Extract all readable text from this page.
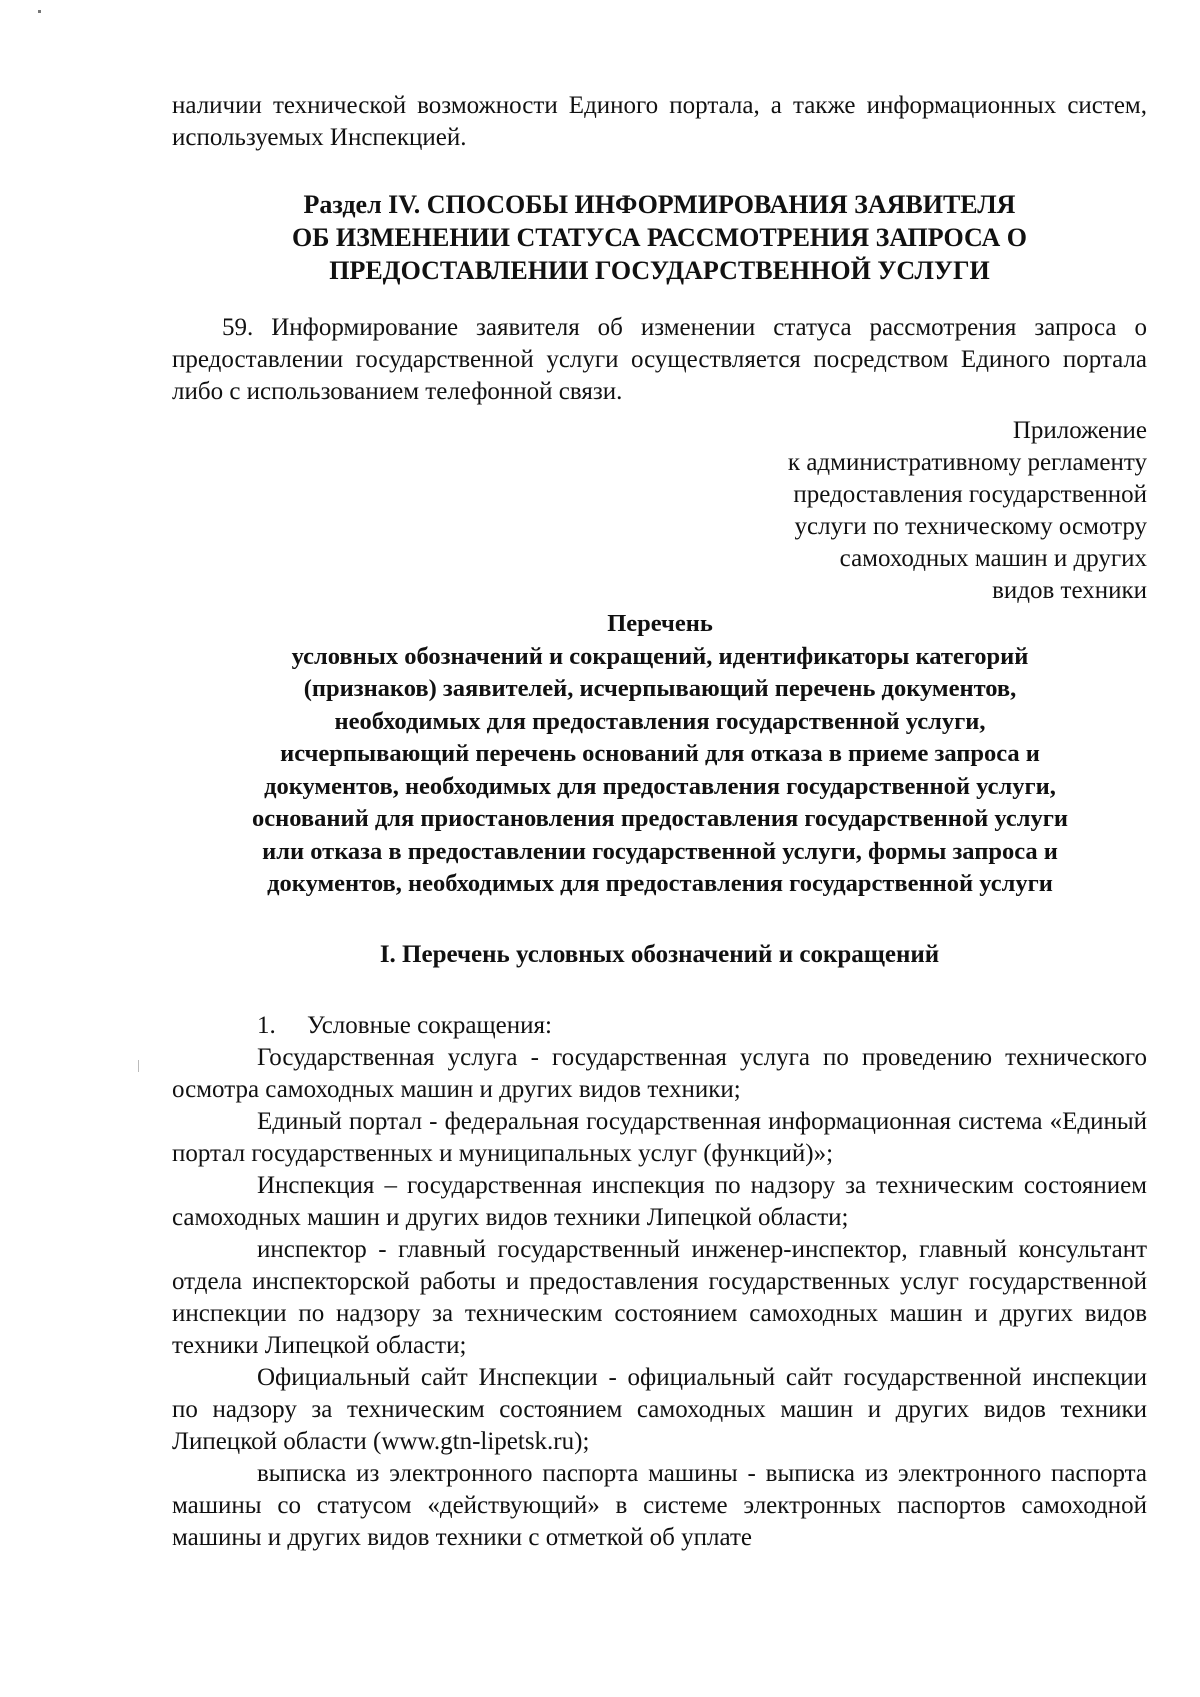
наличии технической возможности Единого портала, а также информационных систем, используемых Инспекцией.

Раздел IV. СПОСОБЫ ИНФОРМИРОВАНИЯ ЗАЯВИТЕЛЯ
ОБ ИЗМЕНЕНИИ СТАТУСА РАССМОТРЕНИЯ ЗАПРОСА О
ПРЕДОСТАВЛЕНИИ ГОСУДАРСТВЕННОЙ УСЛУГИ

59. Информирование заявителя об изменении статуса рассмотрения запроса о предоставлении государственной услуги осуществляется посредством Единого портала либо с использованием телефонной связи.

Приложение
к административному регламенту
предоставления государственной
услуги по техническому осмотру
самоходных машин и других
видов техники
Перечень
условных обозначений и сокращений, идентификаторы категорий
(признаков) заявителей, исчерпывающий перечень документов,
необходимых для предоставления государственной услуги,
исчерпывающий перечень оснований для отказа в приеме запроса и
документов, необходимых для предоставления государственной услуги,
оснований для приостановления предоставления государственной услуги
или отказа в предоставлении государственной услуги, формы запроса и
документов, необходимых для предоставления государственной услуги
I. Перечень условных обозначений и сокращений

1. Условные сокращения:

Государственная услуга - государственная услуга по проведению технического осмотра самоходных машин и других видов техники;

Единый портал - федеральная государственная информационная система «Единый портал государственных и муниципальных услуг (функций)»;

Инспекция – государственная инспекция по надзору за техническим состоянием самоходных машин и других видов техники Липецкой области;

инспектор - главный государственный инженер-инспектор, главный консультант отдела инспекторской работы и предоставления государственных услуг государственной инспекции по надзору за техническим состоянием самоходных машин и других видов техники Липецкой области;

Официальный сайт Инспекции - официальный сайт государственной инспекции по надзору за техническим состоянием самоходных машин и других видов техники Липецкой области (www.gtn-lipetsk.ru);

выписка из электронного паспорта машины - выписка из электронного паспорта машины со статусом «действующий» в системе электронных паспортов самоходной машины и других видов техники с отметкой об уплате
